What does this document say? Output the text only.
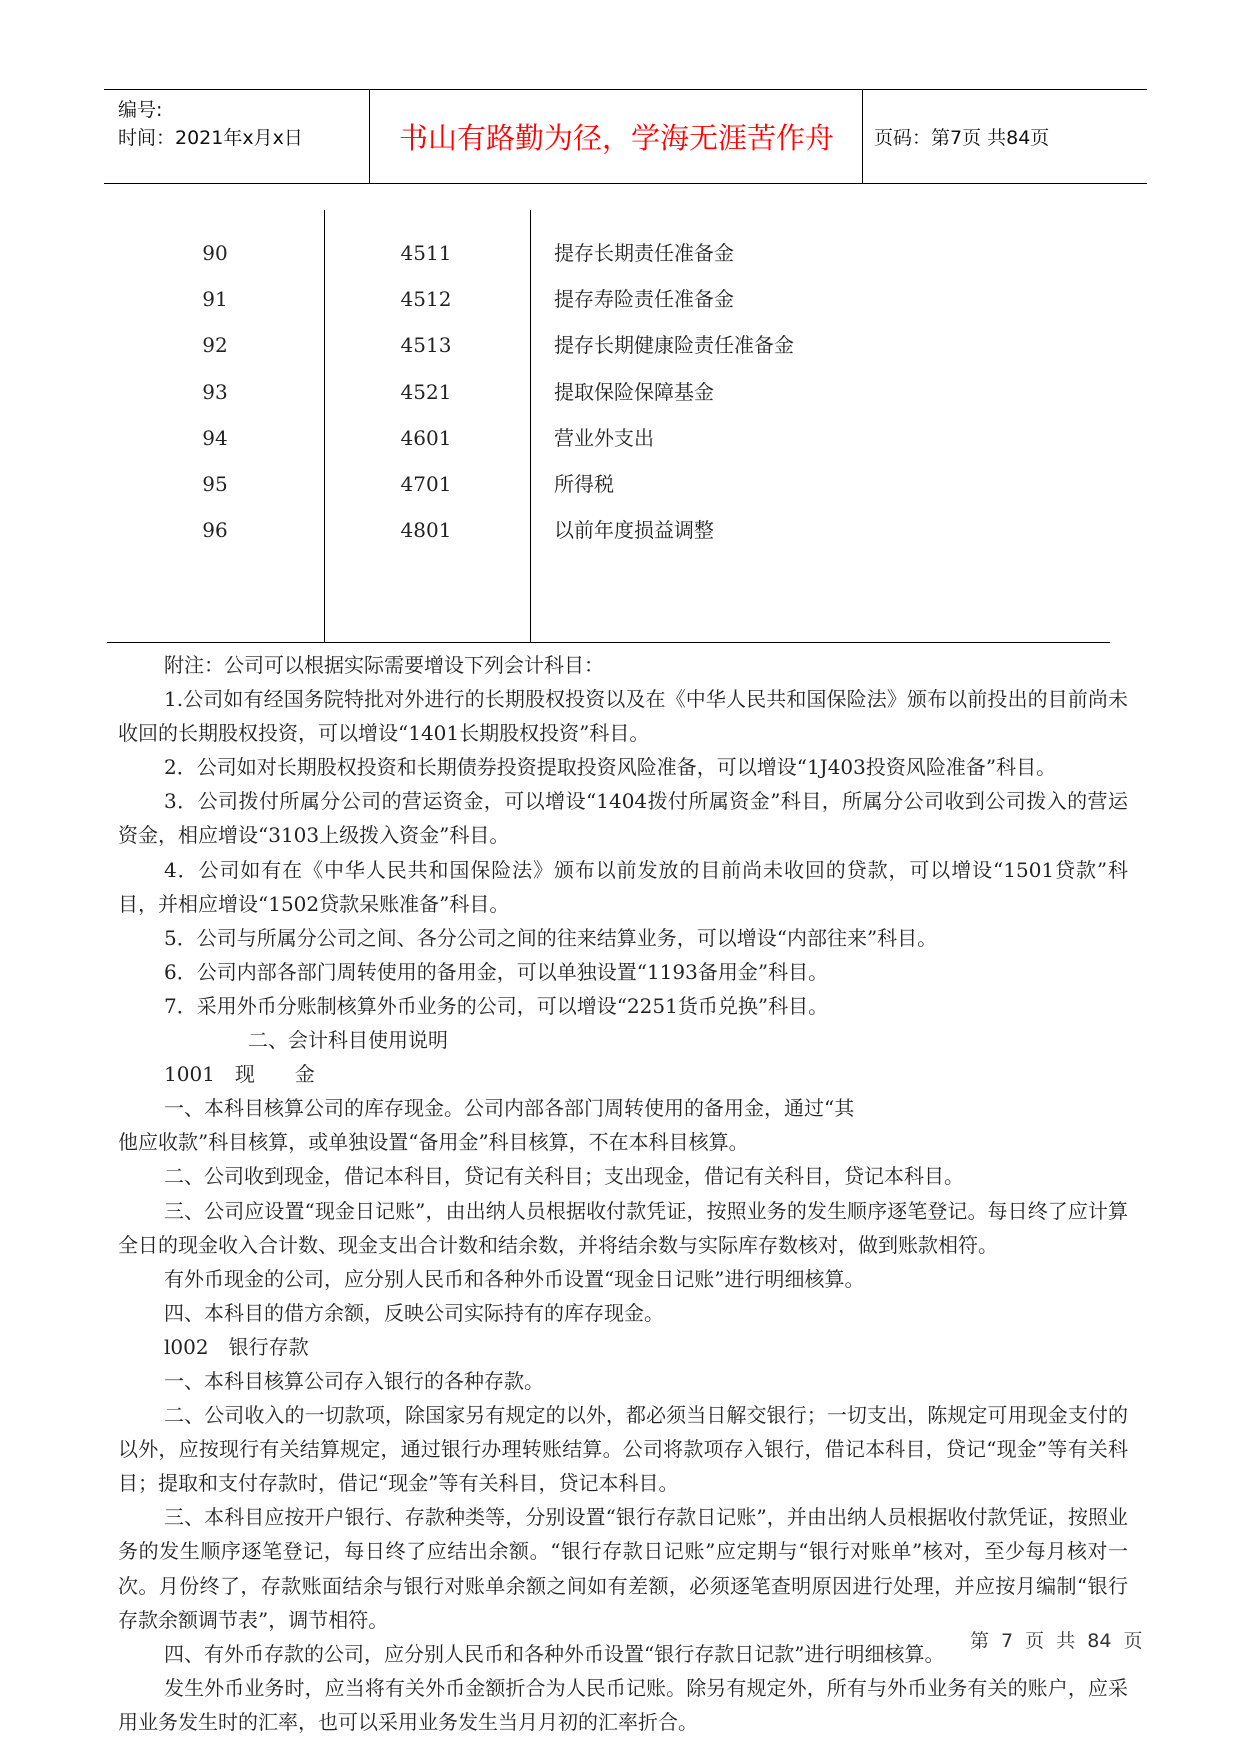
编号:
时间：2021年x月x日	书山有路勤为径，学海无涯苦作舟	页码：第7页 共84页
90	4511	提存长期责任准备金
91	4512	提存寿险责任准备金
92	4513	提存长期健康险责任准备金
93	4521	提取保险保障基金
94	4601	营业外支出
95	4701	所得税
96	4801	以前年度损益调整

附注：公司可以根据实际需要增设下列会计科目：

1.公司如有经国务院特批对外进行的长期股权投资以及在《中华人民共和国保险法》颁布以前投出的目前尚未收回的长期股权投资，可以增设“1401长期股权投资”科目。

2．公司如对长期股权投资和长期债券投资提取投资风险准备，可以增设“1J403投资风险准备”科目。

3．公司拨付所属分公司的营运资金，可以增设“1404拨付所属资金”科目，所属分公司收到公司拨入的营运资金，相应增设“3103上级拨入资金”科目。

4．公司如有在《中华人民共和国保险法》颁布以前发放的目前尚未收回的贷款，可以增设“1501贷款”科目，并相应增设“1502贷款呆账准备”科目。

5．公司与所属分公司之间、各分公司之间的往来结算业务，可以增设“内部往来”科目。

6．公司内部各部门周转使用的备用金，可以单独设置“1193备用金”科目。

7．采用外币分账制核算外币业务的公司，可以增设“2251货币兑换”科目。

二、会计科目使用说明

1001　现　　金

一、本科目核算公司的库存现金。公司内部各部门周转使用的备用金，通过“其

他应收款”科目核算，或单独设置“备用金”科目核算，不在本科目核算。

二、公司收到现金，借记本科目，贷记有关科目；支出现金，借记有关科目，贷记本科目。

三、公司应设置“现金日记账”，由出纳人员根据收付款凭证，按照业务的发生顺序逐笔登记。每日终了应计算全日的现金收入合计数、现金支出合计数和结余数，并将结余数与实际库存数核对，做到账款相符。

有外币现金的公司，应分别人民币和各种外币设置“现金日记账”进行明细核算。

四、本科目的借方余额，反映公司实际持有的库存现金。

l002　银行存款

一、本科目核算公司存入银行的各种存款。

二、公司收入的一切款项，除国家另有规定的以外，都必须当日解交银行；一切支出，陈规定可用现金支付的以外，应按现行有关结算规定，通过银行办理转账结算。公司将款项存入银行，借记本科目，贷记“现金”等有关科目；提取和支付存款时，借记“现金”等有关科目，贷记本科目。

三、本科目应按开户银行、存款种类等，分别设置“银行存款日记账”，并由出纳人员根据收付款凭证，按照业务的发生顺序逐笔登记，每日终了应结出余额。“银行存款日记账”应定期与“银行对账单”核对，至少每月核对一次。月份终了，存款账面结余与银行对账单余额之间如有差额，必须逐笔查明原因进行处理，并应按月编制“银行存款余额调节表”，调节相符。

四、有外币存款的公司，应分别人民币和各种外币设置“银行存款日记款”进行明细核算。

发生外币业务时，应当将有关外币金额折合为人民币记账。除另有规定外，所有与外币业务有关的账户，应采用业务发生时的汇率，也可以采用业务发生当月月初的汇率折合。

第 7 页 共 84 页
